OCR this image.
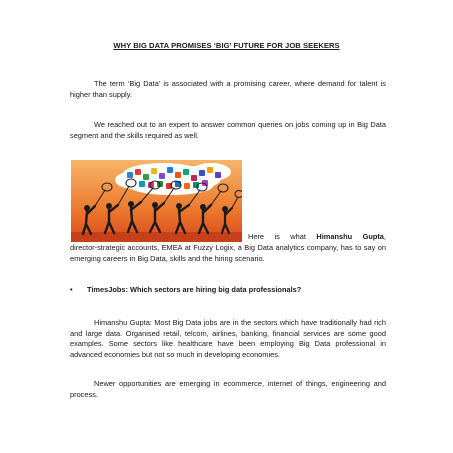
WHY BIG DATA PROMISES ‘BIG’ FUTURE FOR JOB SEEKERS
The term ‘Big Data’ is associated with a promising career, where demand for talent is higher than supply.
We reached out to an expert to answer common queries on jobs coming up in Big Data segment and the skills required as well.
Here is what Himanshu Gupta,
director-strategic accounts, EMEA at Fuzzy Logix, a Big Data analytics company, has to say on emerging careers in Big Data, skills and the hiring scenario.
• TimesJobs: Which sectors are hiring big data professionals?
Himanshu Gupta: Most Big Data jobs are in the sectors which have traditionally had rich and large data. Organised retail, telcom, airlines, banking, financial services are some good examples. Some sectors like healthcare have been employing Big Data professional in advanced economies but not so much in developing economies.
Newer opportunities are emerging in ecommerce, internet of things, engineering and process.
